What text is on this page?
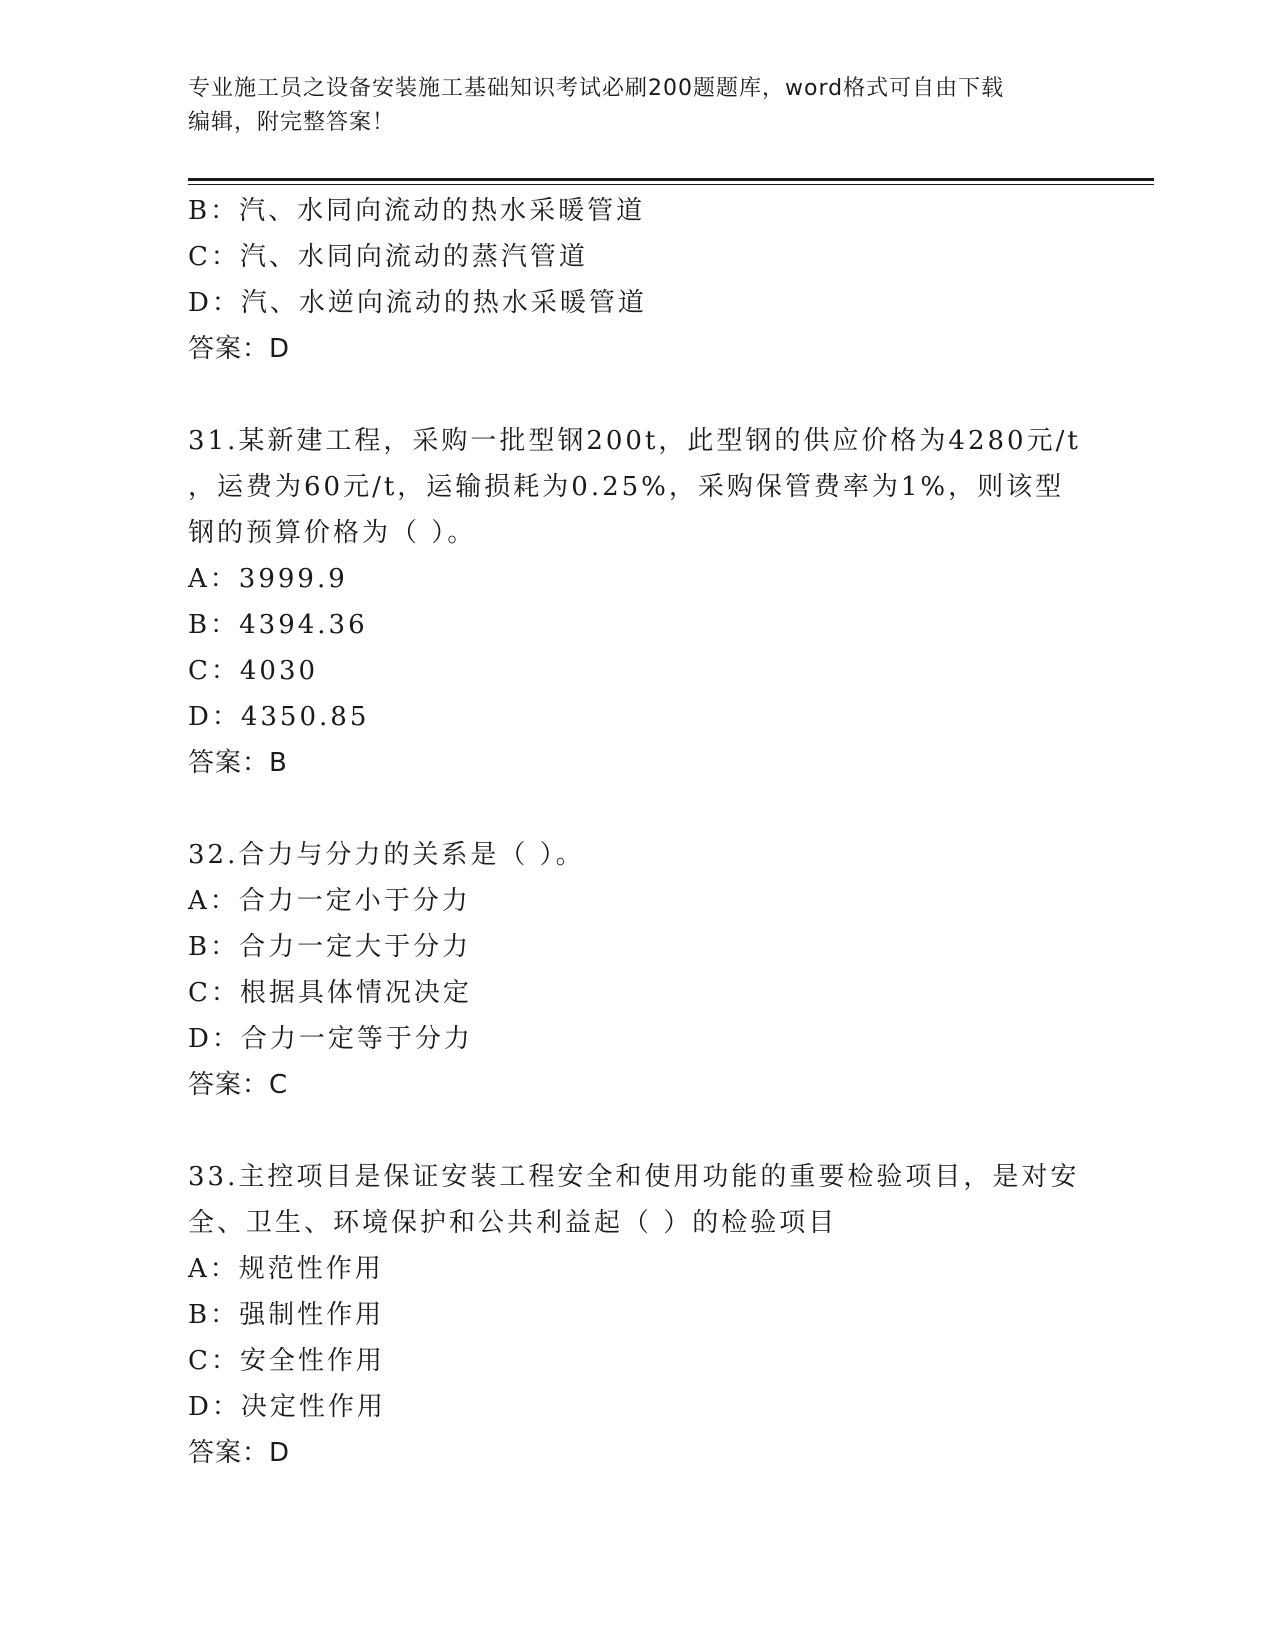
专业施工员之设备安装施工基础知识考试必刷200题题库，word格式可自由下载
编辑，附完整答案！
B：汽、水同向流动的热水采暖管道
C：汽、水同向流动的蒸汽管道
D：汽、水逆向流动的热水采暖管道
答案：D
31.某新建工程，采购一批型钢200t，此型钢的供应价格为4280元/t
，运费为60元/t，运输损耗为0.25%，采购保管费率为1%，则该型
钢的预算价格为（ ）。
A：3999.9
B：4394.36
C：4030
D：4350.85
答案：B
32.合力与分力的关系是（ ）。
A：合力一定小于分力
B：合力一定大于分力
C：根据具体情况决定
D：合力一定等于分力
答案：C
33.主控项目是保证安装工程安全和使用功能的重要检验项目，是对安
全、卫生、环境保护和公共利益起（ ）的检验项目
A：规范性作用
B：强制性作用
C：安全性作用
D：决定性作用
答案：D
